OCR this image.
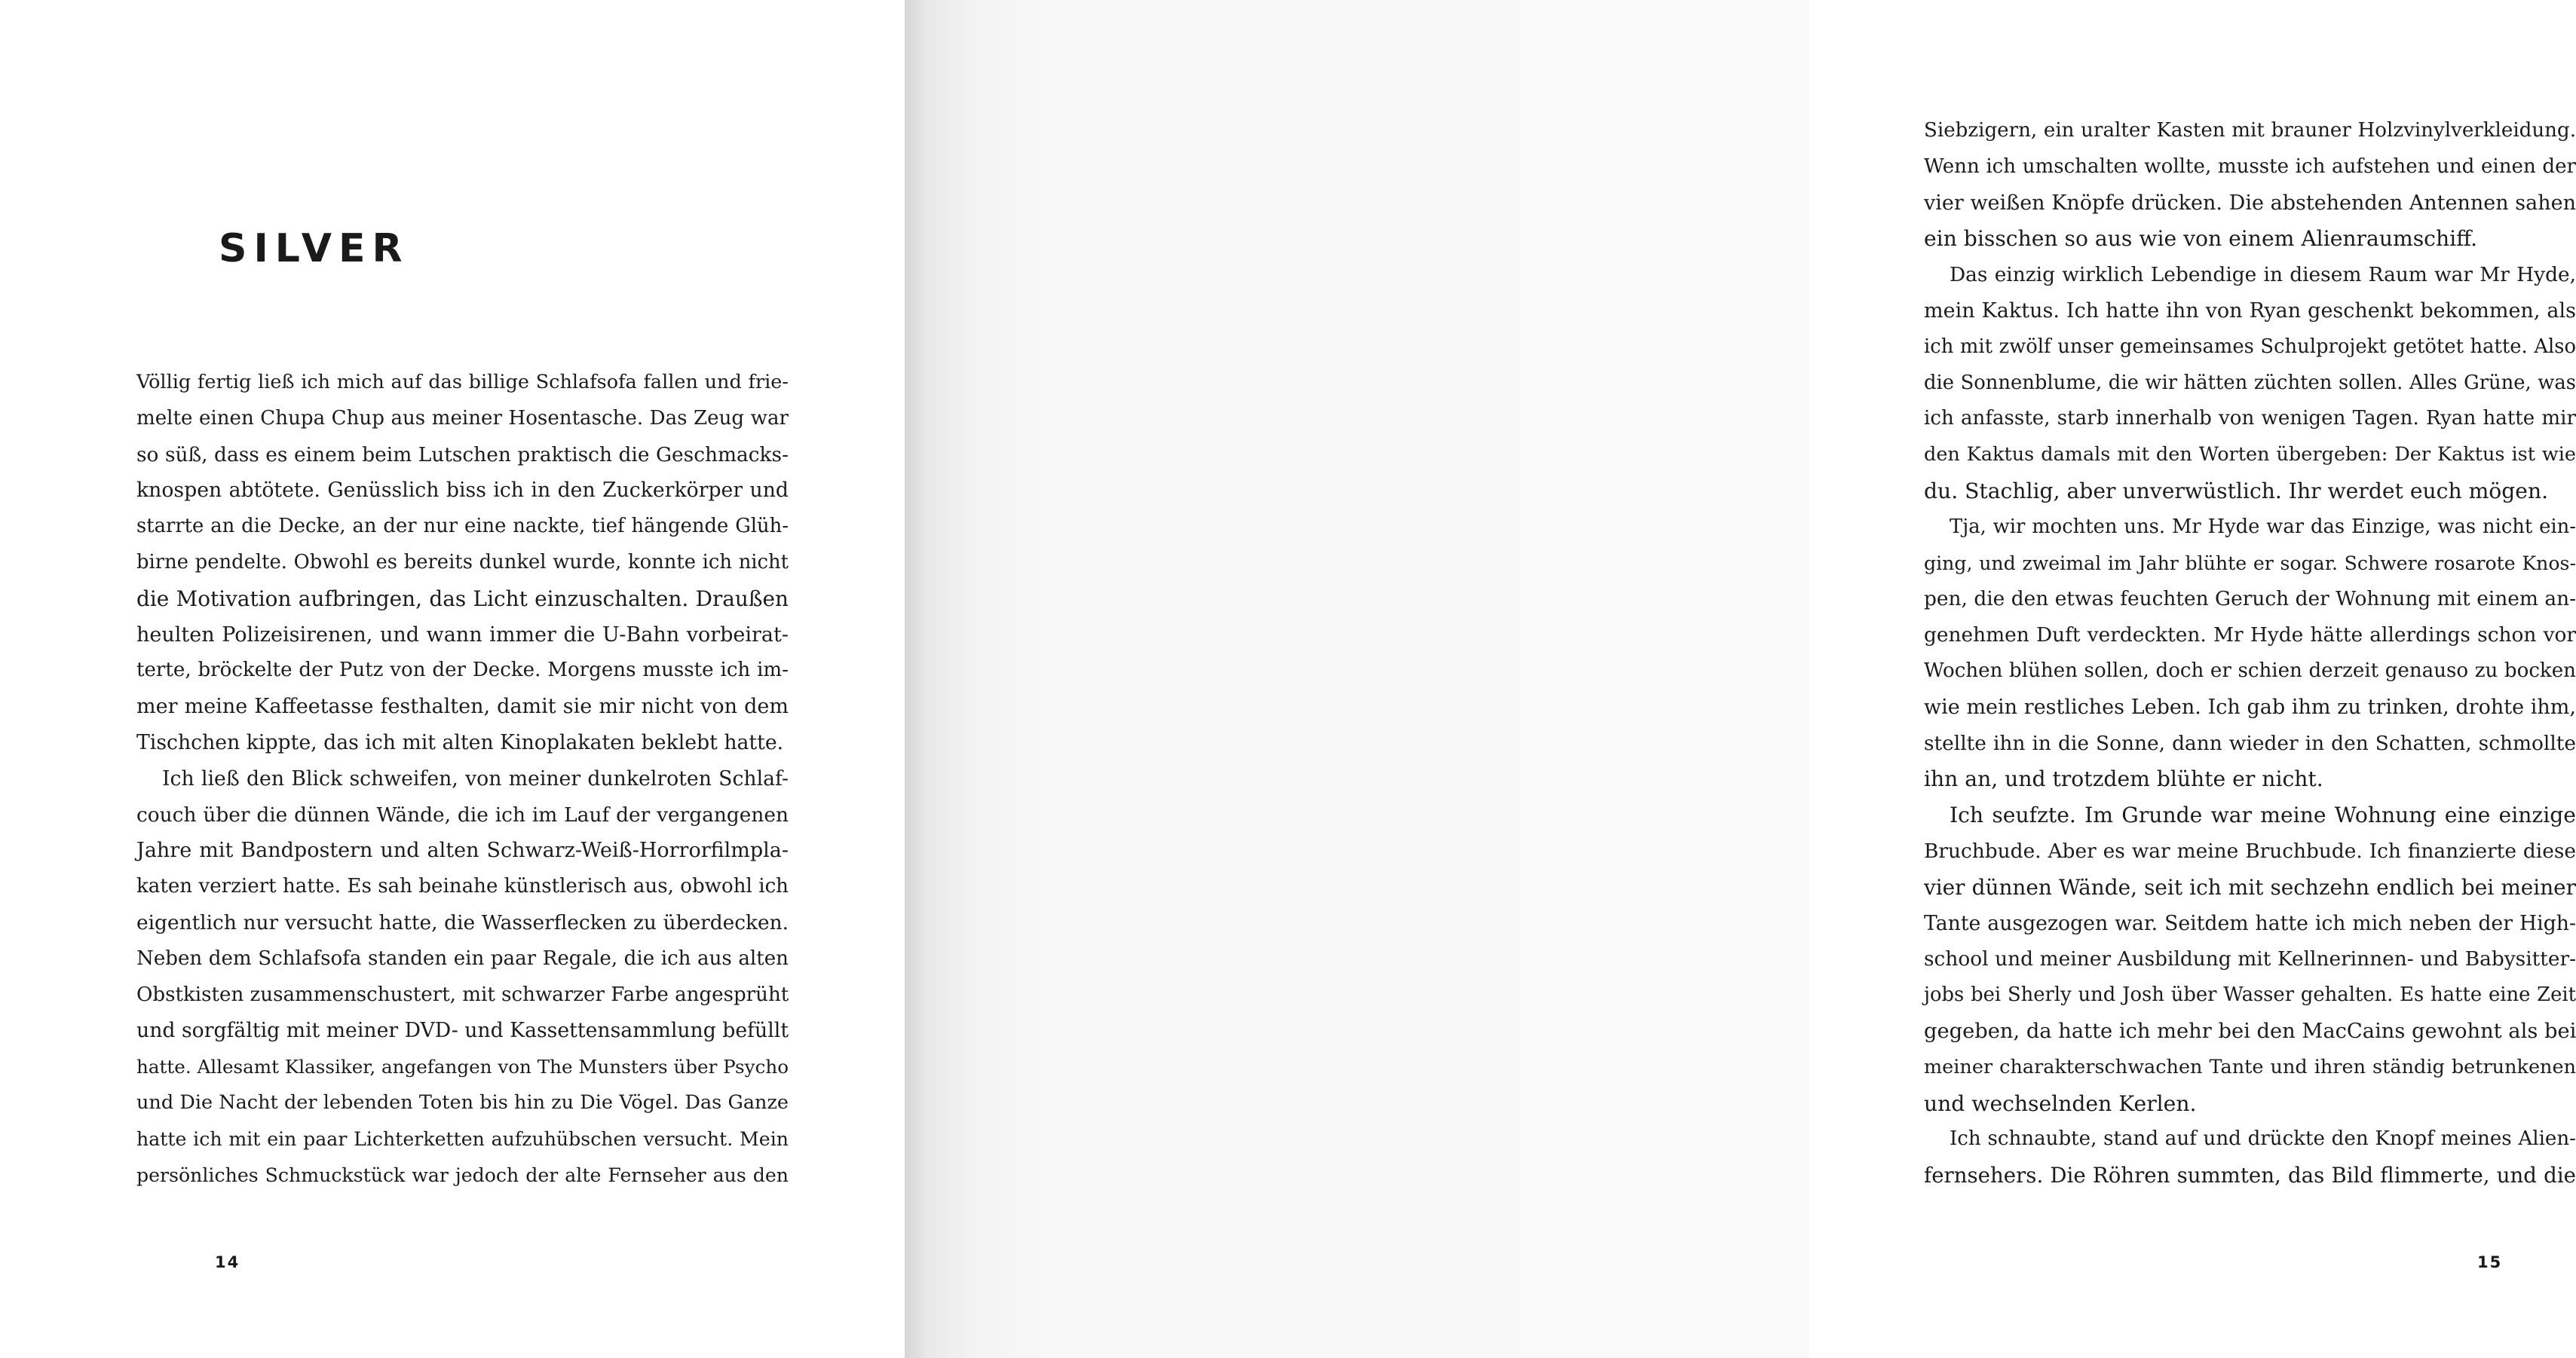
SILVER

Völlig fertig ließ ich mich auf das billige Schlafsofa fallen und frie-

melte einen Chupa Chup aus meiner Hosentasche. Das Zeug war

so süß, dass es einem beim Lutschen praktisch die Geschmacks-

knospen abtötete. Genüsslich biss ich in den Zuckerkörper und

starrte an die Decke, an der nur eine nackte, tief hängende Glüh-

birne pendelte. Obwohl es bereits dunkel wurde, konnte ich nicht

die Motivation aufbringen, das Licht einzuschalten. Draußen

heulten Polizeisirenen, und wann immer die U-Bahn vorbeirat-

terte, bröckelte der Putz von der Decke. Morgens musste ich im-

mer meine Kaffeetasse festhalten, damit sie mir nicht von dem

Tischchen kippte, das ich mit alten Kinoplakaten beklebt hatte.

Ich ließ den Blick schweifen, von meiner dunkelroten Schlaf-

couch über die dünnen Wände, die ich im Lauf der vergangenen

Jahre mit Bandpostern und alten Schwarz-Weiß-Horrorfilmpla-

katen verziert hatte. Es sah beinahe künstlerisch aus, obwohl ich

eigentlich nur versucht hatte, die Wasserflecken zu überdecken.

Neben dem Schlafsofa standen ein paar Regale, die ich aus alten

Obstkisten zusammenschustert, mit schwarzer Farbe angesprüht

und sorgfältig mit meiner DVD- und Kassettensammlung befüllt

hatte. Allesamt Klassiker, angefangen von The Munsters über Psycho

und Die Nacht der lebenden Toten bis hin zu Die Vögel. Das Ganze

hatte ich mit ein paar Lichterketten aufzuhübschen versucht. Mein

persönliches Schmuckstück war jedoch der alte Fernseher aus den

14

Siebzigern, ein uralter Kasten mit brauner Holzvinylverkleidung.

Wenn ich umschalten wollte, musste ich aufstehen und einen der

vier weißen Knöpfe drücken. Die abstehenden Antennen sahen

ein bisschen so aus wie von einem Alienraumschiff.

Das einzig wirklich Lebendige in diesem Raum war Mr Hyde,

mein Kaktus. Ich hatte ihn von Ryan geschenkt bekommen, als

ich mit zwölf unser gemeinsames Schulprojekt getötet hatte. Also

die Sonnenblume, die wir hätten züchten sollen. Alles Grüne, was

ich anfasste, starb innerhalb von wenigen Tagen. Ryan hatte mir

den Kaktus damals mit den Worten übergeben: Der Kaktus ist wie

du. Stachlig, aber unverwüstlich. Ihr werdet euch mögen.

Tja, wir mochten uns. Mr Hyde war das Einzige, was nicht ein-

ging, und zweimal im Jahr blühte er sogar. Schwere rosarote Knos-

pen, die den etwas feuchten Geruch der Wohnung mit einem an-

genehmen Duft verdeckten. Mr Hyde hätte allerdings schon vor

Wochen blühen sollen, doch er schien derzeit genauso zu bocken

wie mein restliches Leben. Ich gab ihm zu trinken, drohte ihm,

stellte ihn in die Sonne, dann wieder in den Schatten, schmollte

ihn an, und trotzdem blühte er nicht.

Ich seufzte. Im Grunde war meine Wohnung eine einzige

Bruchbude. Aber es war meine Bruchbude. Ich finanzierte diese

vier dünnen Wände, seit ich mit sechzehn endlich bei meiner

Tante ausgezogen war. Seitdem hatte ich mich neben der High-

school und meiner Ausbildung mit Kellnerinnen- und Babysitter-

jobs bei Sherly und Josh über Wasser gehalten. Es hatte eine Zeit

gegeben, da hatte ich mehr bei den MacCains gewohnt als bei

meiner charakterschwachen Tante und ihren ständig betrunkenen

und wechselnden Kerlen.

Ich schnaubte, stand auf und drückte den Knopf meines Alien-

fernsehers. Die Röhren summten, das Bild flimmerte, und die

15
